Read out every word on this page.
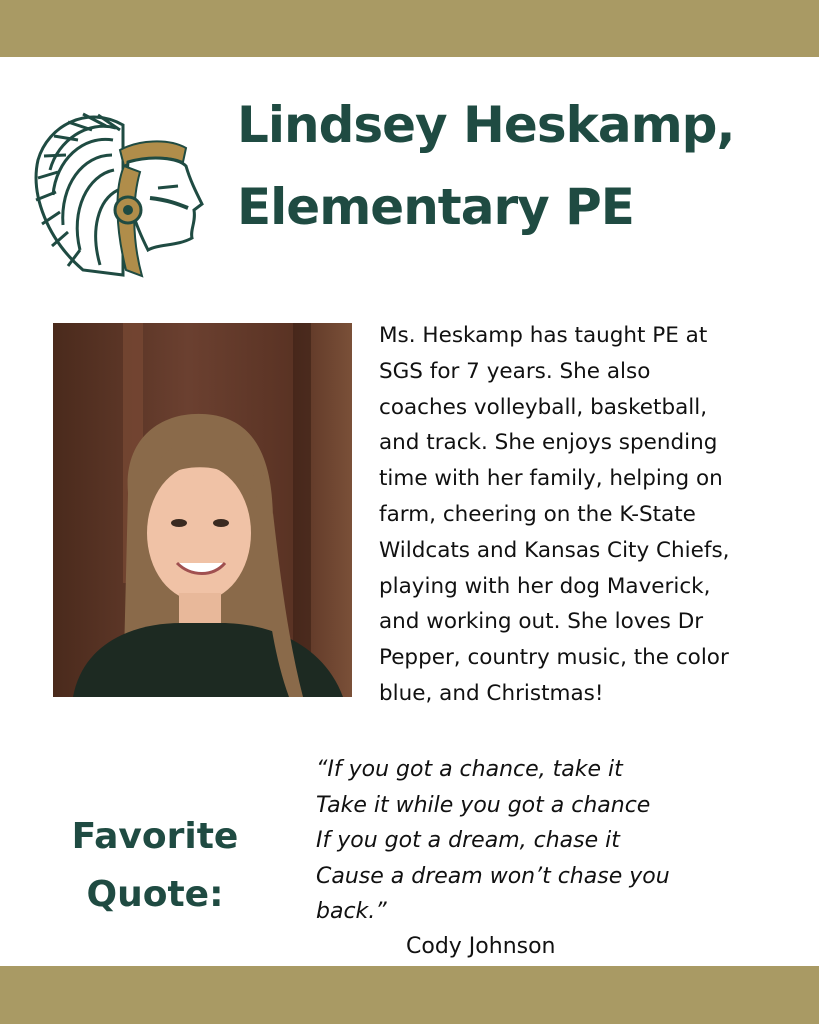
Lindsey Heskamp,
Elementary PE
Ms. Heskamp has taught PE at
SGS for 7 years. She also
coaches volleyball, basketball,
and track. She enjoys spending
time with her family, helping on
farm, cheering on the K-State
Wildcats and Kansas City Chiefs,
playing with her dog Maverick,
and working out. She loves Dr
Pepper, country music, the color
blue, and Christmas!
Favorite
Quote:
“If you got a chance, take it
Take it while you got a chance
If you got a dream, chase it
Cause a dream won’t chase you
back.”
Cody Johnson
